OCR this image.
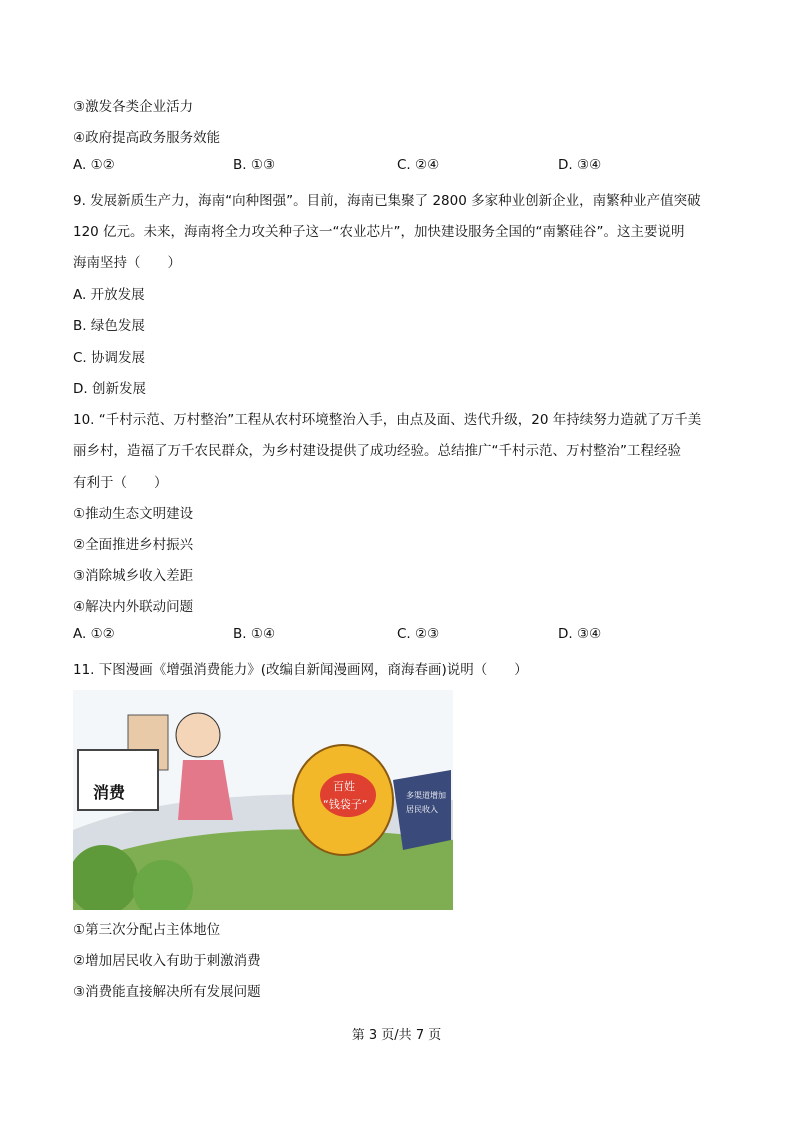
③激发各类企业活力
④政府提高政务服务效能
A. ①②	B. ①③	C. ②④	D. ③④
9. 发展新质生产力，海南“向种图强”。目前，海南已集聚了 2800 多家种业创新企业，南繁种业产值突破
120 亿元。未来，海南将全力攻关种子这一“农业芯片”，加快建设服务全国的“南繁硅谷”。这主要说明
海南坚持（　　）
A. 开放发展
B. 绿色发展
C. 协调发展
D. 创新发展
10. “千村示范、万村整治”工程从农村环境整治入手，由点及面、迭代升级，20 年持续努力造就了万千美
丽乡村，造福了万千农民群众，为乡村建设提供了成功经验。总结推广“千村示范、万村整治”工程经验
有利于（　　）
①推动生态文明建设
②全面推进乡村振兴
③消除城乡收入差距
④解决内外联动问题
A. ①②	B. ①④	C. ②③	D. ③④
11. 下图漫画《增强消费能力》(改编自新闻漫画网，商海春画)说明（　　）
消费	百姓
“钱袋子”
多渠道增加
居民收入
①第三次分配占主体地位
②增加居民收入有助于刺激消费
③消费能直接解决所有发展问题
第 3 页/共 7 页
